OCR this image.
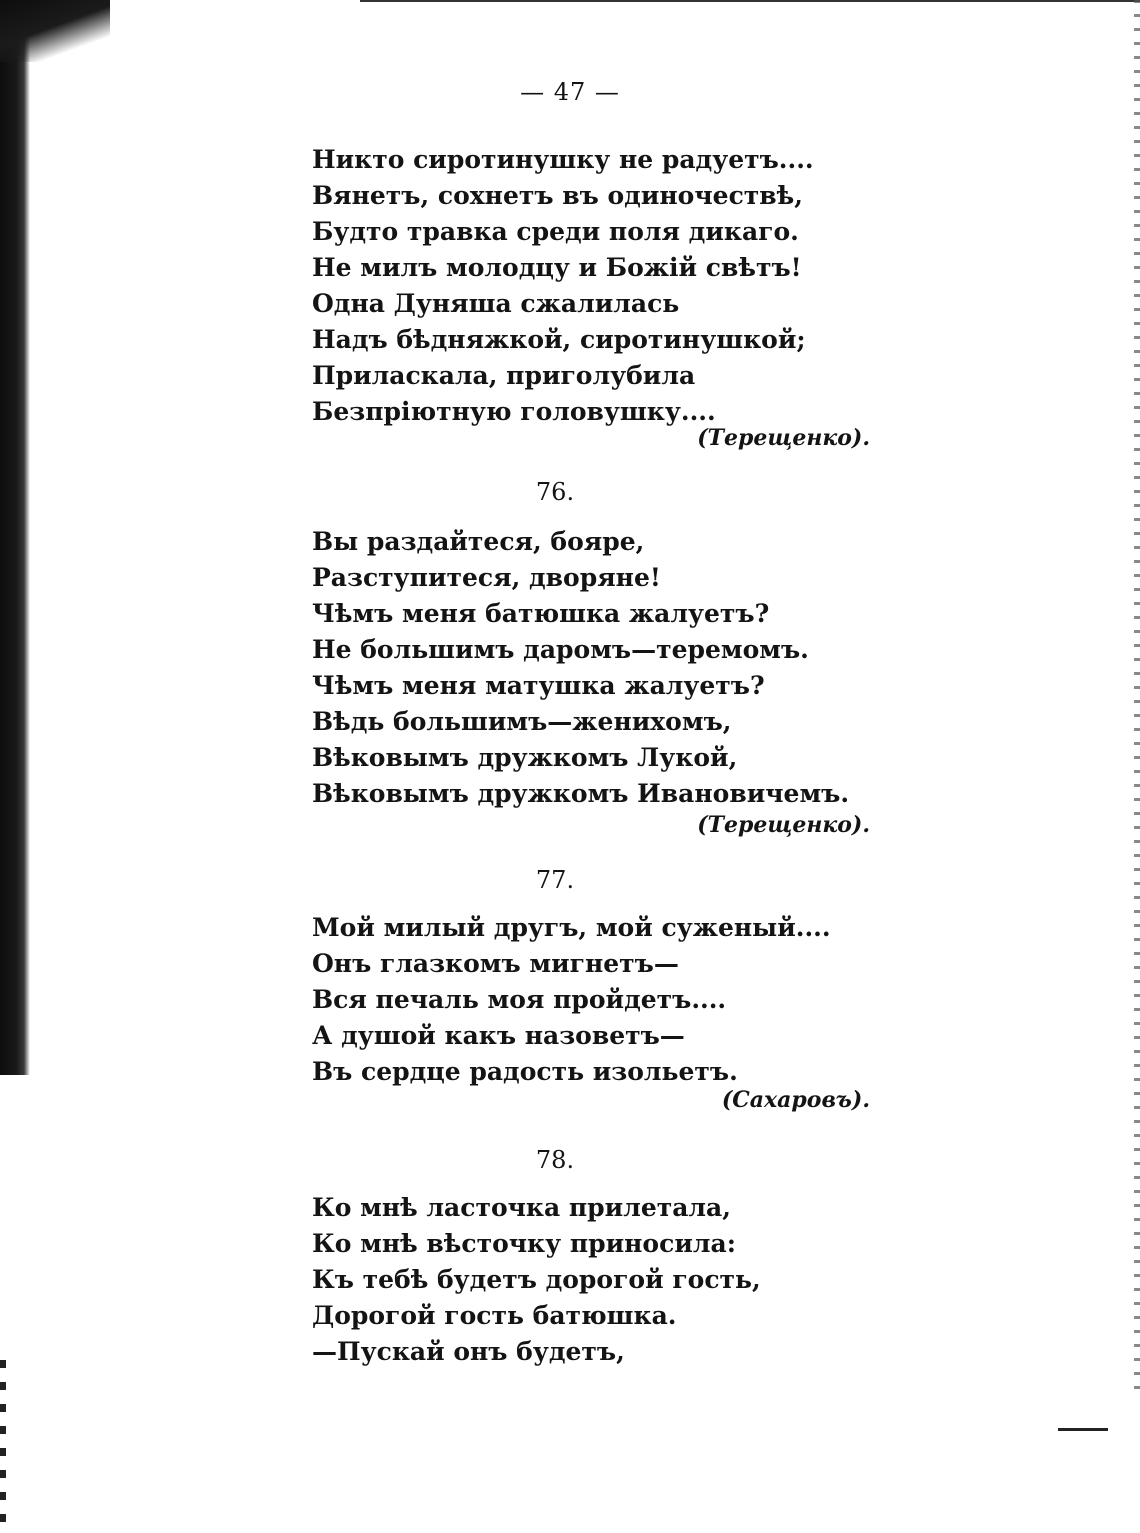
— 47 —
Никто сиротинушку не радуетъ....
Вянетъ, сохнетъ въ одиночествѣ,
Будто травка среди поля дикаго.
Не милъ молодцу и Божій свѣтъ!
Одна Дуняша сжалилась
Надъ бѣдняжкой, сиротинушкой;
Приласкала, приголубила
Безпріютную головушку....
(Терещенко).
76.
Вы раздайтеся, бояре,
Разступитеся, дворяне!
Чѣмъ меня батюшка жалуетъ?
Не большимъ даромъ—теремомъ.
Чѣмъ меня матушка жалуетъ?
Вѣдь большимъ—женихомъ,
Вѣковымъ дружкомъ Лукой,
Вѣковымъ дружкомъ Ивановичемъ.
(Терещенко).
77.
Мой милый другъ, мой суженый....
Онъ глазкомъ мигнетъ—
Вся печаль моя пройдетъ....
А душой какъ назоветъ—
Въ сердце радость изольетъ.
(Сахаровъ).
78.
Ко мнѣ ласточка прилетала,
Ко мнѣ вѣсточку приносила:
Къ тебѣ будетъ дорогой гость,
Дорогой гость батюшка.
—Пускай онъ будетъ,
